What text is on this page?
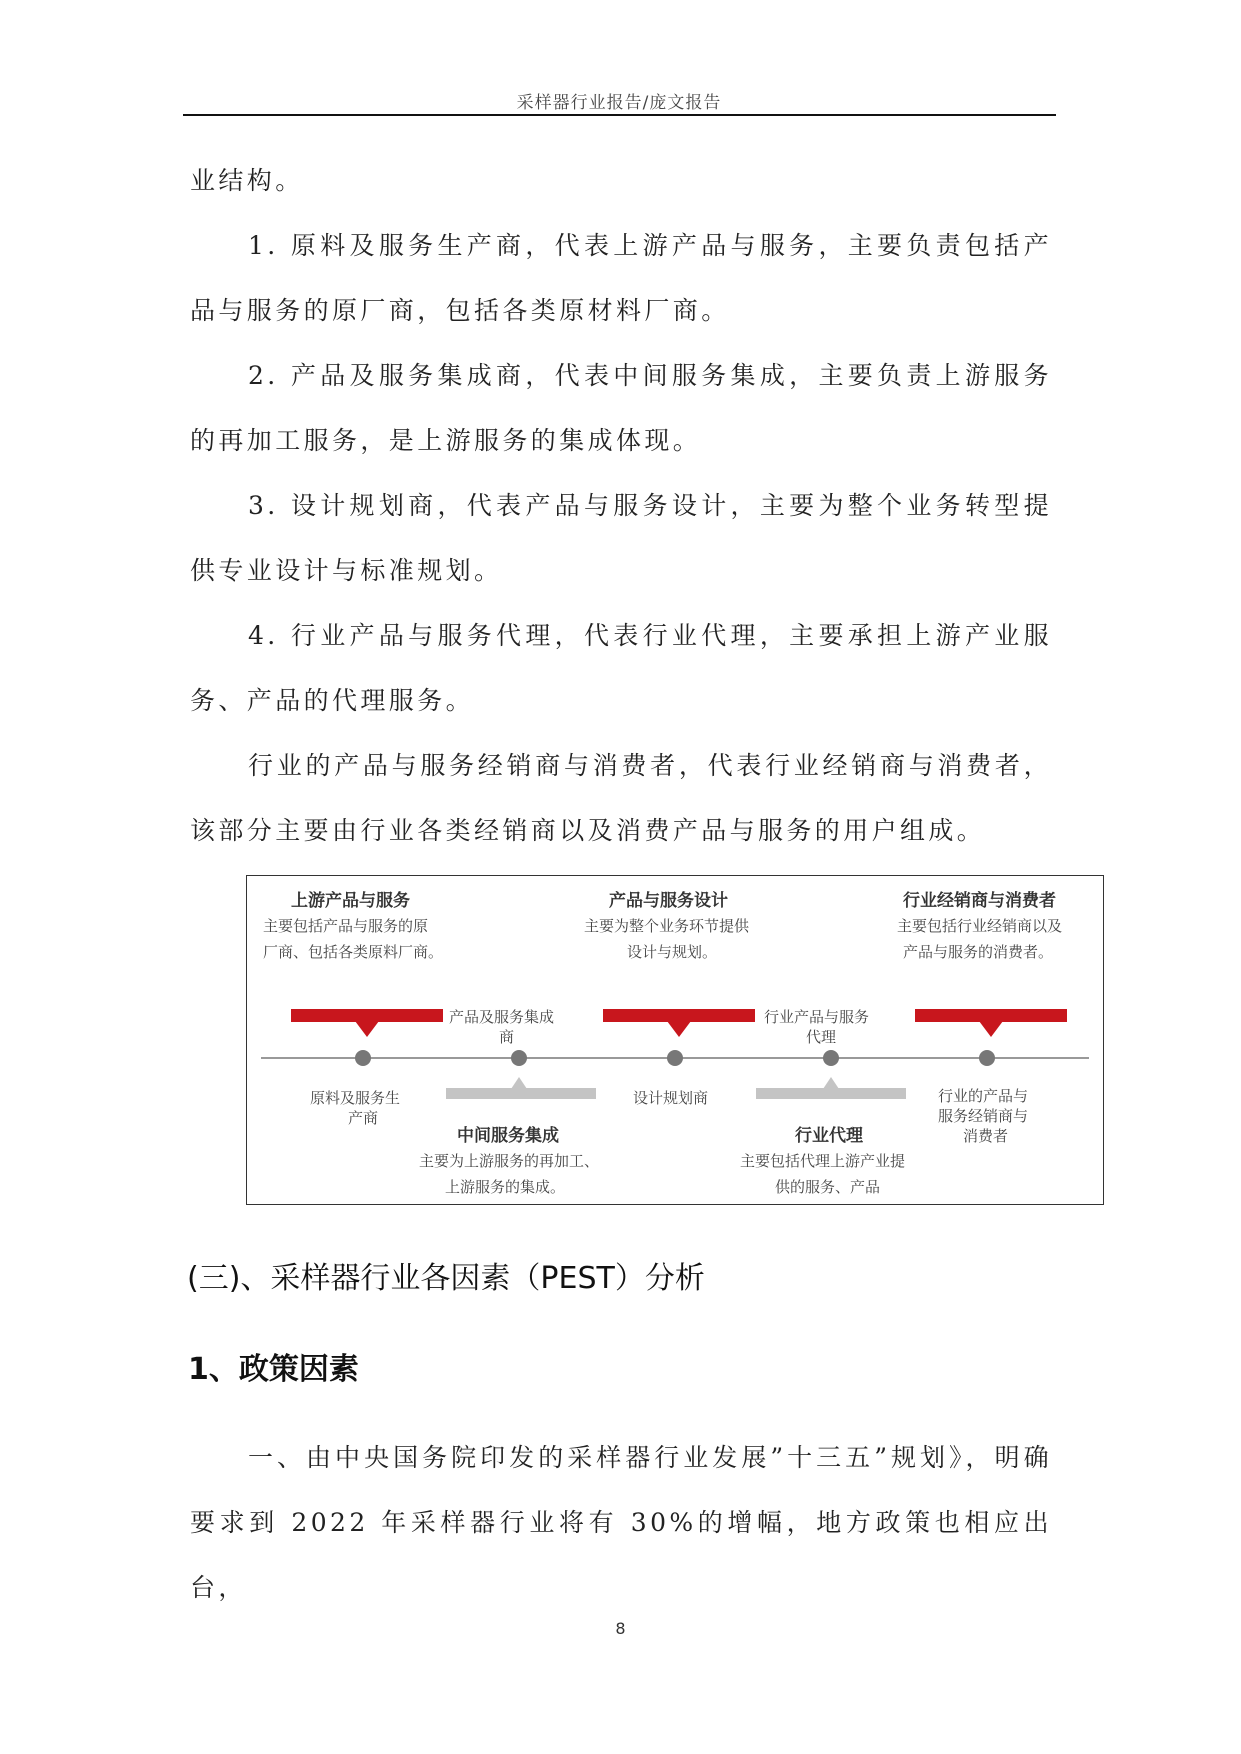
采样器行业报告/庞文报告

业结构。

1. 原料及服务生产商，代表上游产品与服务，主要负责包括产品与服务的原厂商，包括各类原材料厂商。

2. 产品及服务集成商，代表中间服务集成，主要负责上游服务的再加工服务，是上游服务的集成体现。

3. 设计规划商，代表产品与服务设计，主要为整个业务转型提供专业设计与标准规划。

4. 行业产品与服务代理，代表行业代理，主要承担上游产业服务、产品的代理服务。

行业的产品与服务经销商与消费者，代表行业经销商与消费者，该部分主要由行业各类经销商以及消费产品与服务的用户组成。

上游产品与服务
主要包括产品与服务的原
厂商、包括各类原料厂商。
产品与服务设计
主要为整个业务环节提供
设计与规划。
行业经销商与消费者
主要包括行业经销商以及
产品与服务的消费者。
产品及服务集成
商
行业产品与服务
代理
原料及服务生
产商
设计规划商	行业的产品与
服务经销商与
消费者
中间服务集成
主要为上游服务的再加工、
上游服务的集成。
行业代理
主要包括代理上游产业提
供的服务、产品
(三)、采样器行业各因素（PEST）分析
1、政策因素

一、由中央国务院印发的采样器行业发展”十三五”规划》，明确要求到 2022 年采样器行业将有 30%的增幅，地方政策也相应出台，

8
